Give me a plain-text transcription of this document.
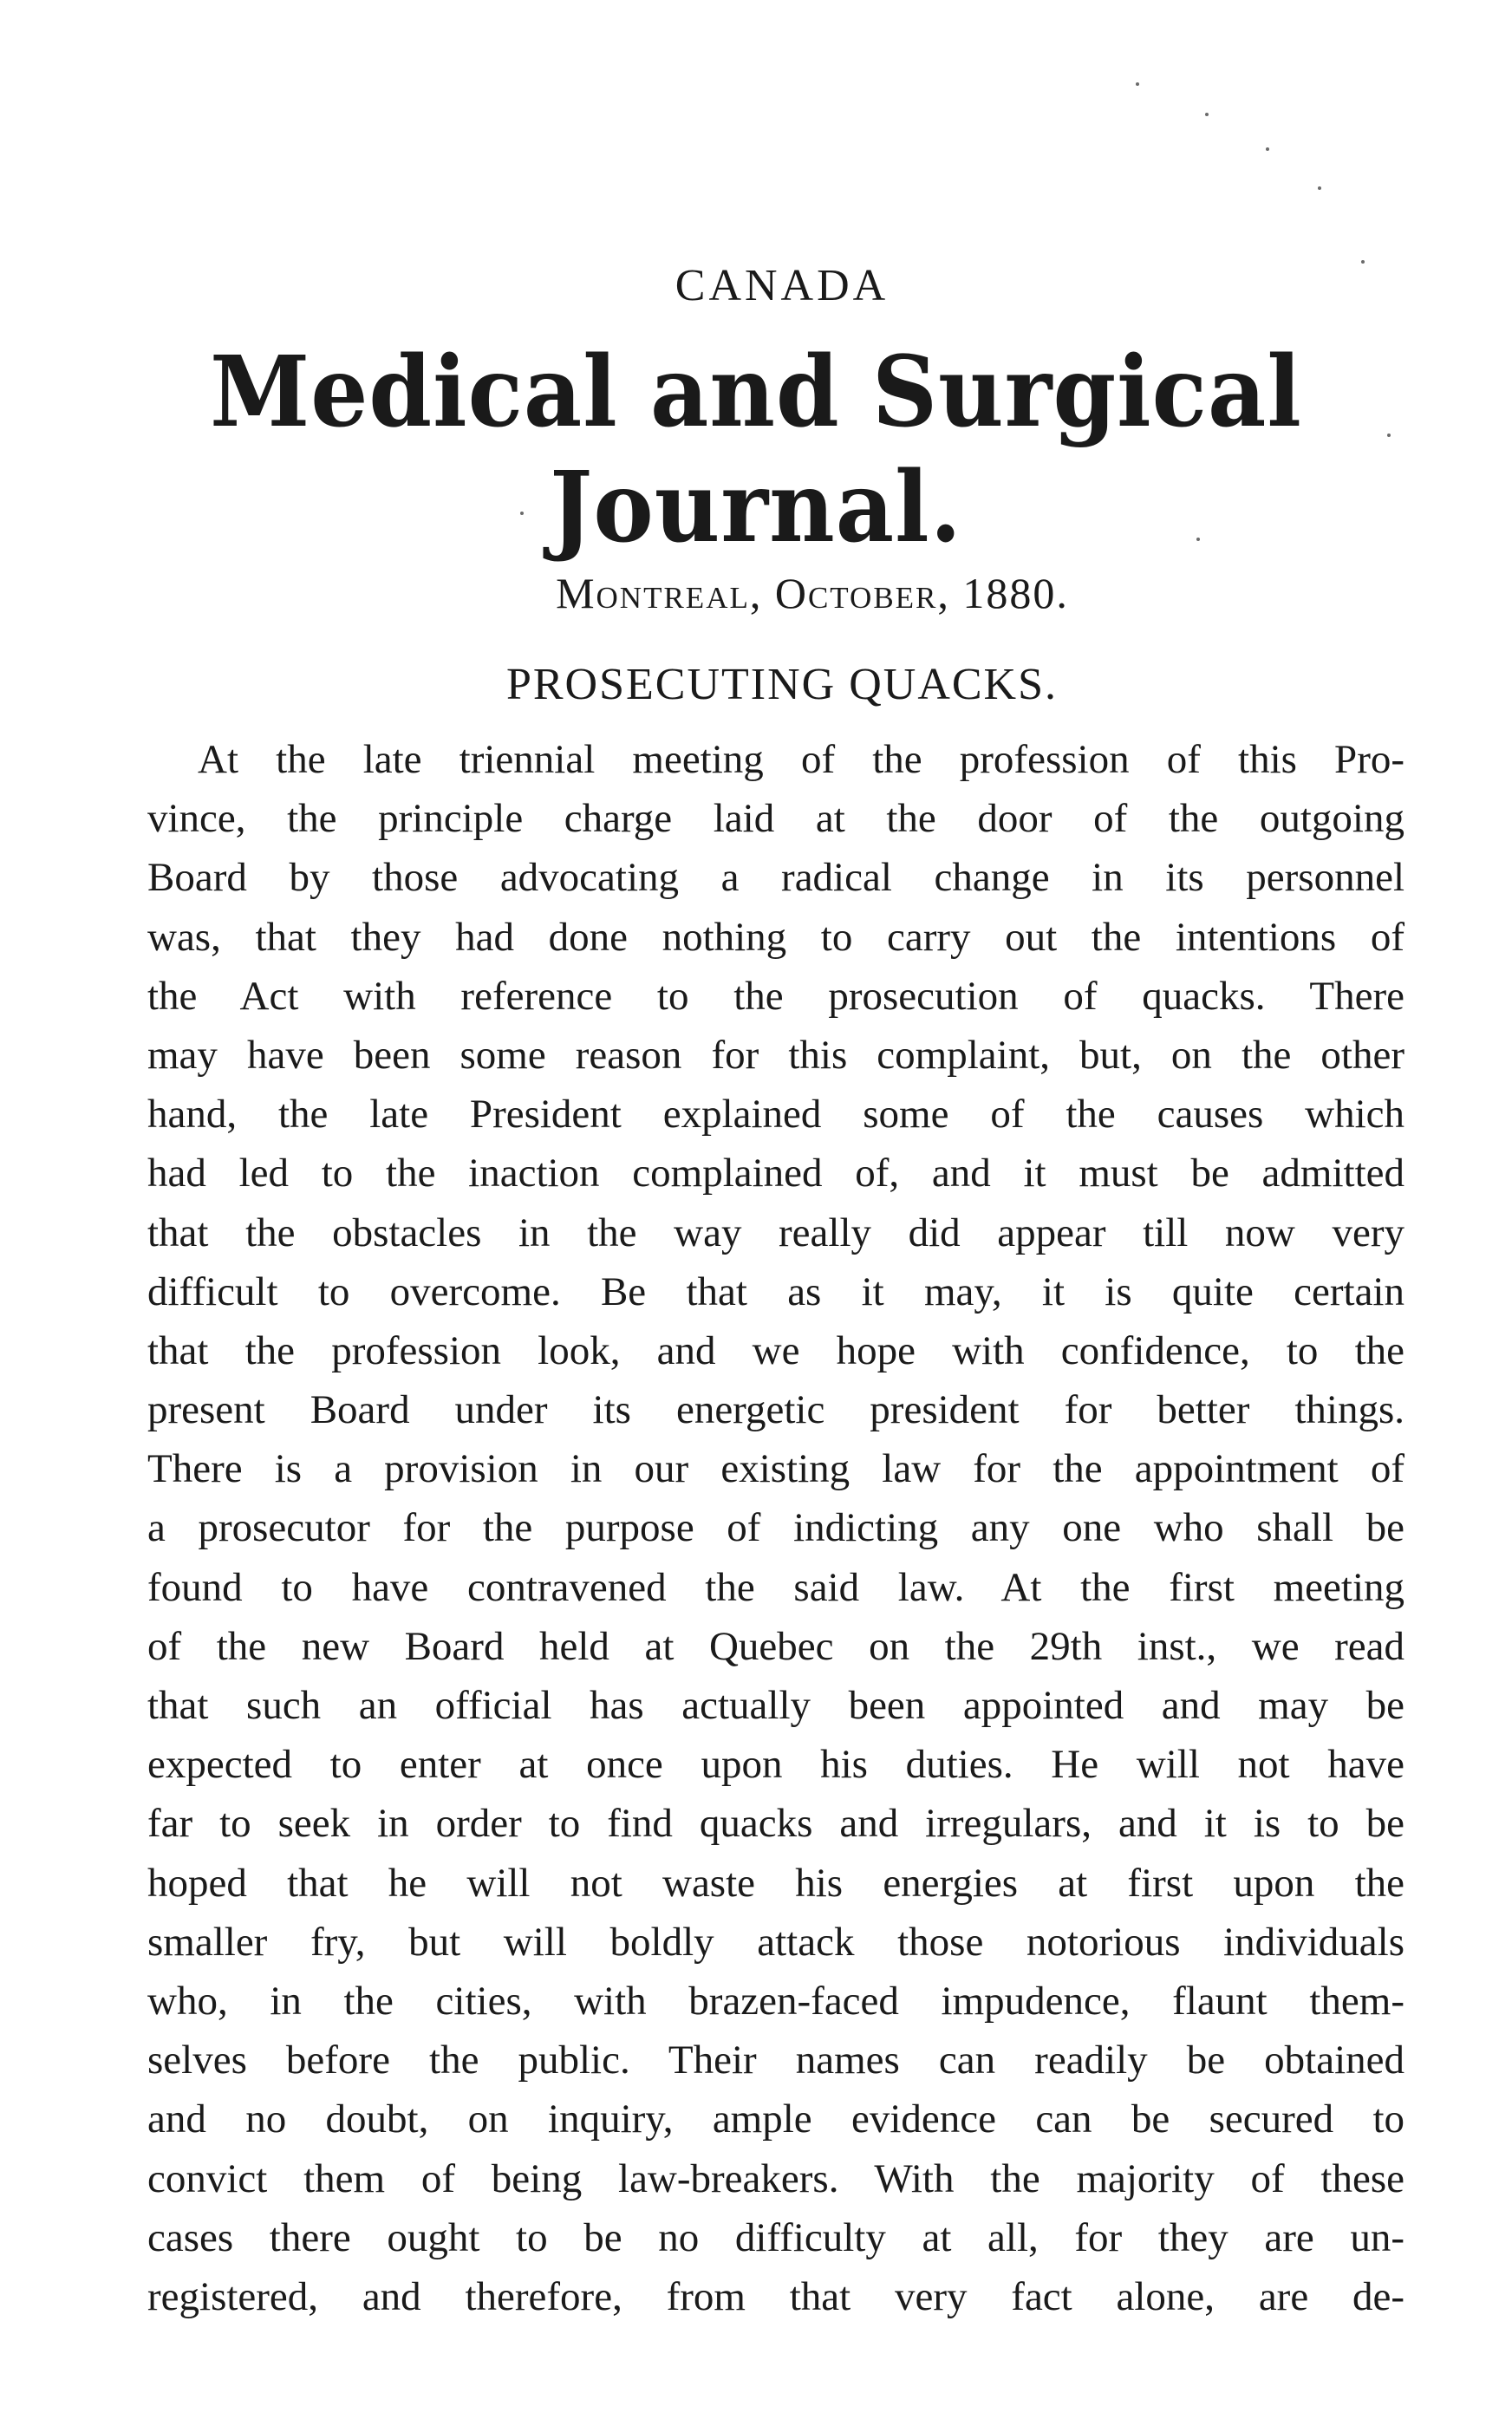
CANADA
Medical and Surgical Journal.
Montreal, October, 1880.
PROSECUTING QUACKS.
At the late triennial meeting of the profession of this Pro-
vince, the principle charge laid at the door of the outgoing
Board by those advocating a radical change in its personnel
was, that they had done nothing to carry out the intentions of
the Act with reference to the prosecution of quacks. There
may have been some reason for this complaint, but, on the other
hand, the late President explained some of the causes which
had led to the inaction complained of, and it must be admitted
that the obstacles in the way really did appear till now very
difficult to overcome. Be that as it may, it is quite certain
that the profession look, and we hope with confidence, to the
present Board under its energetic president for better things.
There is a provision in our existing law for the appointment of
a prosecutor for the purpose of indicting any one who shall be
found to have contravened the said law. At the first meeting
of the new Board held at Quebec on the 29th inst., we read
that such an official has actually been appointed and may be
expected to enter at once upon his duties. He will not have
far to seek in order to find quacks and irregulars, and it is to be
hoped that he will not waste his energies at first upon the
smaller fry, but will boldly attack those notorious individuals
who, in the cities, with brazen-faced impudence, flaunt them-
selves before the public. Their names can readily be obtained
and no doubt, on inquiry, ample evidence can be secured to
convict them of being law-breakers. With the majority of these
cases there ought to be no difficulty at all, for they are un-
registered, and therefore, from that very fact alone, are de-
